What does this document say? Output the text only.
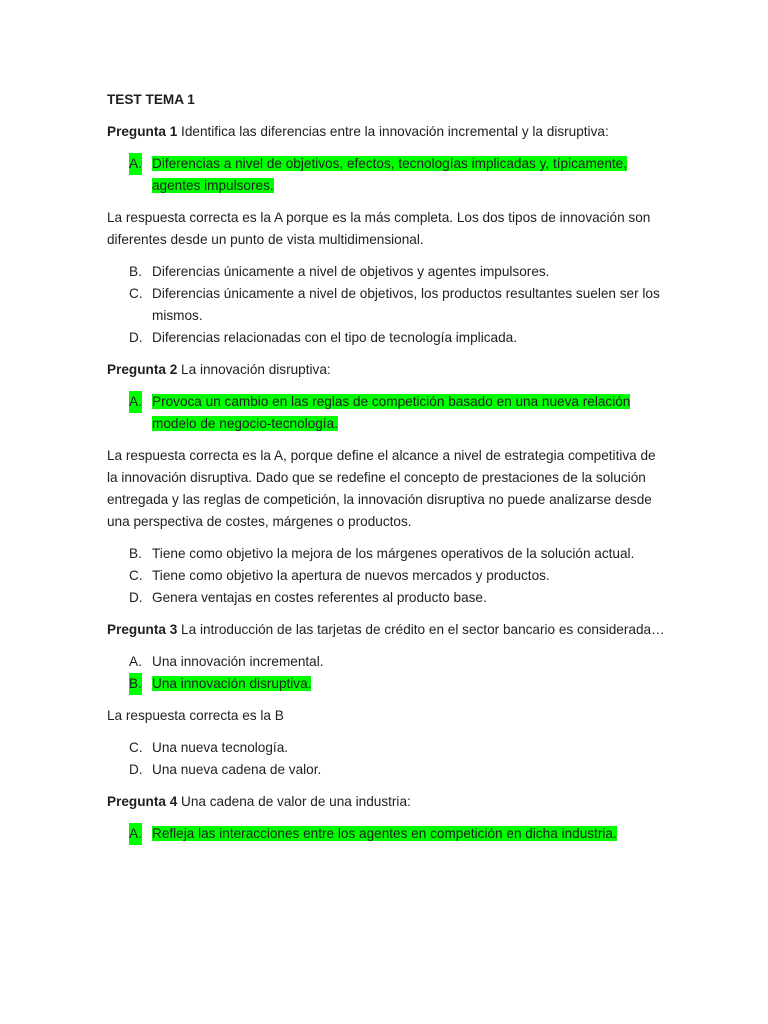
TEST TEMA 1

Pregunta 1 Identifica las diferencias entre la innovación incremental y la disruptiva:

A. Diferencias a nivel de objetivos, efectos, tecnologías implicadas y, típicamente, agentes impulsores.

La respuesta correcta es la A porque es la más completa. Los dos tipos de innovación son diferentes desde un punto de vista multidimensional.

B. Diferencias únicamente a nivel de objetivos y agentes impulsores.
C. Diferencias únicamente a nivel de objetivos, los productos resultantes suelen ser los mismos.
D. Diferencias relacionadas con el tipo de tecnología implicada.

Pregunta 2 La innovación disruptiva:

A. Provoca un cambio en las reglas de competición basado en una nueva relación modelo de negocio-tecnología.

La respuesta correcta es la A, porque define el alcance a nivel de estrategia competitiva de la innovación disruptiva. Dado que se redefine el concepto de prestaciones de la solución entregada y las reglas de competición, la innovación disruptiva no puede analizarse desde una perspectiva de costes, márgenes o productos.

B. Tiene como objetivo la mejora de los márgenes operativos de la solución actual.
C. Tiene como objetivo la apertura de nuevos mercados y productos.
D. Genera ventajas en costes referentes al producto base.

Pregunta 3 La introducción de las tarjetas de crédito en el sector bancario es considerada…

A. Una innovación incremental.
B. Una innovación disruptiva.

La respuesta correcta es la B

C. Una nueva tecnología.
D. Una nueva cadena de valor.

Pregunta 4 Una cadena de valor de una industria:

A. Refleja las interacciones entre los agentes en competición en dicha industria.
